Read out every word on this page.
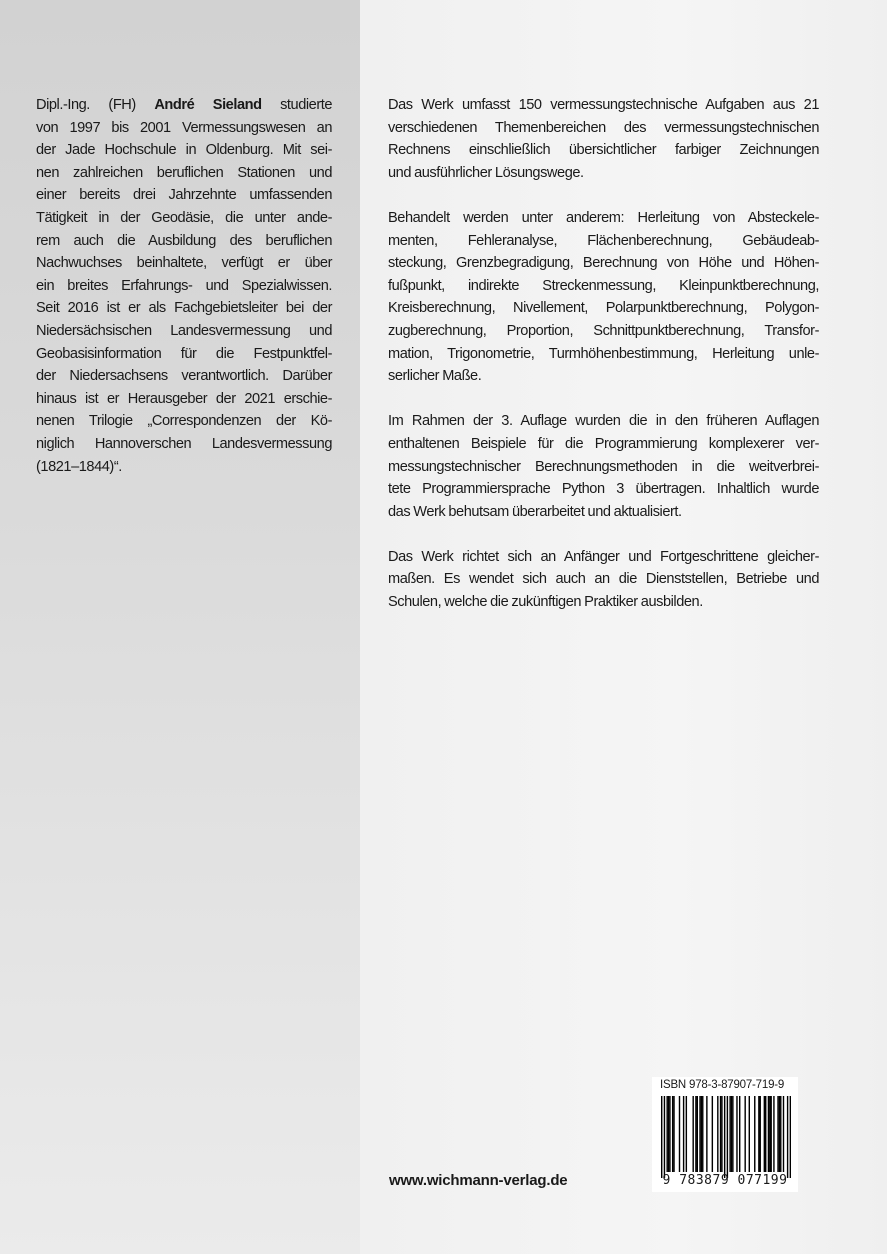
Dipl.-Ing. (FH) André Sieland studierte
von 1997 bis 2001 Vermessungswesen an
der Jade Hochschule in Oldenburg. Mit sei-
nen zahlreichen beruflichen Stationen und
einer bereits drei Jahrzehnte umfassenden
Tätigkeit in der Geodäsie, die unter ande-
rem auch die Ausbildung des beruflichen
Nachwuchses beinhaltete, verfügt er über
ein breites Erfahrungs- und Spezialwissen.
Seit 2016 ist er als Fachgebietsleiter bei der
Niedersächsischen Landesvermessung und
Geobasisinformation für die Festpunktfel-
der Niedersachsens verantwortlich. Darüber
hinaus ist er Herausgeber der 2021 erschie-
nenen Trilogie „Correspondenzen der Kö-
niglich Hannoverschen Landesvermessung
(1821–1844)“.
Das Werk umfasst 150 vermessungstechnische Aufgaben aus 21
verschiedenen Themenbereichen des vermessungstechnischen
Rechnens einschließlich übersichtlicher farbiger Zeichnungen
und ausführlicher Lösungswege.
Behandelt werden unter anderem: Herleitung von Absteckele-
menten, Fehleranalyse, Flächenberechnung, Gebäudeab-
steckung, Grenzbegradigung, Berechnung von Höhe und Höhen-
fußpunkt, indirekte Streckenmessung, Kleinpunktberechnung,
Kreisberechnung, Nivellement, Polarpunktberechnung, Polygon-
zugberechnung, Proportion, Schnittpunktberechnung, Transfor-
mation, Trigonometrie, Turmhöhenbestimmung, Herleitung unle-
serlicher Maße.
Im Rahmen der 3. Auflage wurden die in den früheren Auflagen
enthaltenen Beispiele für die Programmierung komplexerer ver-
messungstechnischer Berechnungsmethoden in die weitverbrei-
tete Programmiersprache Python 3 übertragen. Inhaltlich wurde
das Werk behutsam überarbeitet und aktualisiert.
Das Werk richtet sich an Anfänger und Fortgeschrittene gleicher-
maßen. Es wendet sich auch an die Dienststellen, Betriebe und
Schulen, welche die zukünftigen Praktiker ausbilden.
www.wichmann-verlag.de
ISBN 978-3-87907-719-9
9 783879 077199
